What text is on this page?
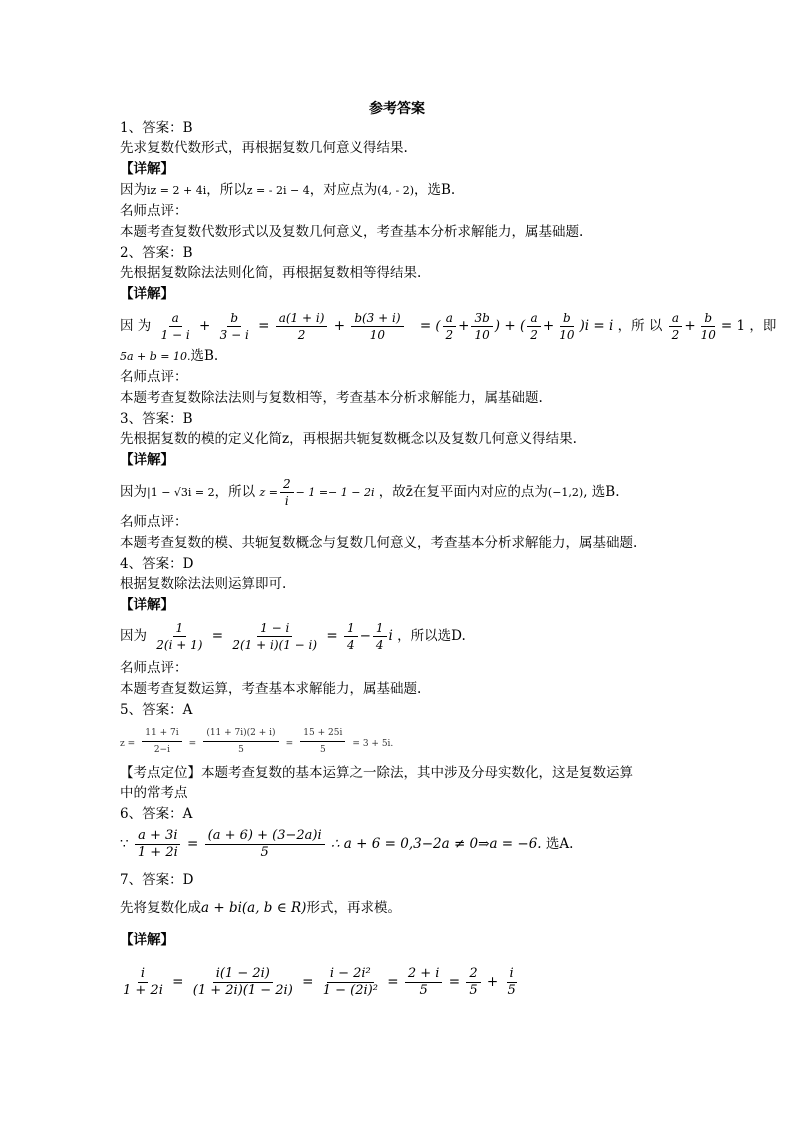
参考答案
1、答案：B
先求复数代数形式，再根据复数几何意义得结果.
【详解】
因为iz = 2 + 4i，所以z = - 2i − 4，对应点为(4, - 2)，选B.
名师点评：
本题考查复数代数形式以及复数几何意义，考查基本分析求解能力，属基础题.
2、答案：B
先根据复数除法法则化简，再根据复数相等得结果.
【详解】
因 为 $\frac{a}{1 - i} + \frac{b}{3 - i} = \frac{a(1 + i)}{2} + \frac{b(3 + i)}{10}$ = ( $\frac{a}{2} + \frac{3b}{10}$ ) + ( $\frac{a}{2} + \frac{b}{10} )i = i$ ，所 以 $\frac{a}{2} + \frac{b}{10} = 1$ ，即
5a + b = 10.选B.
名师点评：
本题考查复数除法法则与复数相等，考查基本分析求解能力，属基础题.
3、答案：B
先根据复数的模的定义化简z，再根据共轭复数概念以及复数几何意义得结果.
【详解】
因为|1 − √3i = 2，所以 $z = \frac{2}{i} - 1 =- 1 - 2i$ ，故z̄在复平面内对应的点为(−1,2), 选B.
名师点评：
本题考查复数的模、共轭复数概念与复数几何意义，考查基本分析求解能力，属基础题.
4、答案：D
根据复数除法法则运算即可.
【详解】
因为 $\frac{1}{2(i + 1)} = \frac{1 - i}{2(1 + i)(1 - i)} = \frac{1}{4} - \frac{1}{4}$ i ，所以选D.
名师点评：
本题考查复数运算，考查基本求解能力，属基础题.
5、答案：A
$z = \frac{11 + 7i}{2-i} = \frac{(11 + 7i)(2 + i)}{5} = \frac{15 + 25i}{5} = 3 + 5i$.
【考点定位】本题考查复数的基本运算之一除法，其中涉及分母实数化，这是复数运算
中的常考点
6、答案：A
∵ $\frac{a + 3i}{1 + 2i} = \frac{(a + 6) + (3-2a)i}{5}$ ∴ a + 6 = 0,3−2a ≠ 0⇒a = −6. 选A.
7、答案：D
先将复数化成a + bi(a, b ∈ R)形式，再求模。
【详解】
$\frac{i}{1 + 2i} = \frac{i(1 - 2i)}{(1 + 2i)(1 - 2i)} = \frac{\text{i − 2i²}}{\text{1 − (2i)²}} = \frac{2 + i}{5} = \frac{2}{5} + \frac{i}{5}$
